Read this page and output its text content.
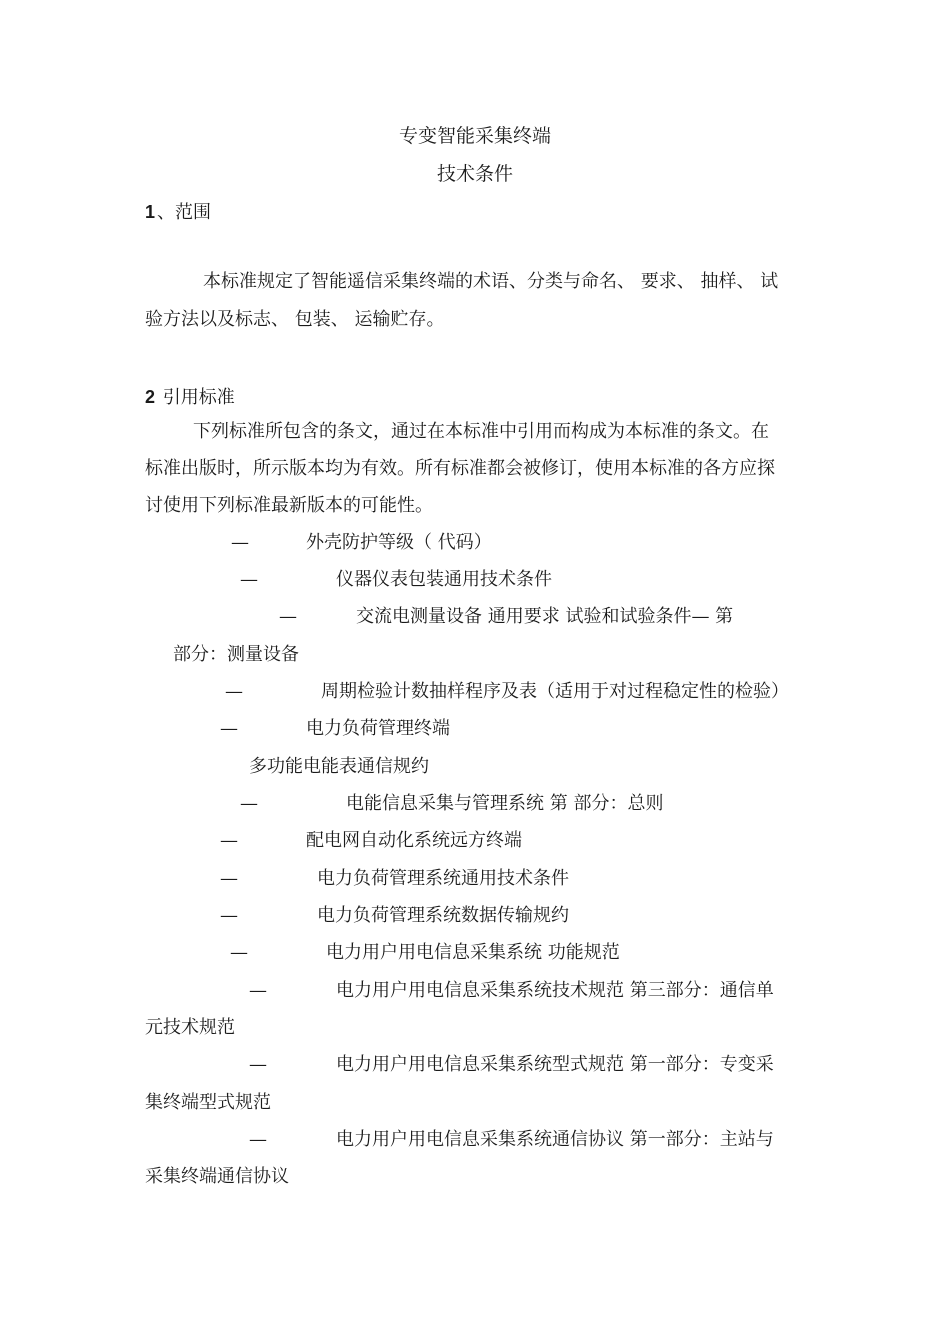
专变智能采集终端
技术条件
1 、范围
本标准规定了智能遥信采集终端的术语、分类与命名、 要求、 抽样、 试
验方法以及标志、 包装、 运输贮存。
2 引用标准
下列标准所包含的条文，通过在本标准中引用而构成为本标准的条文。在
标准出版时，所示版本均为有效。所有标准都会被修订，使用本标准的各方应探
讨使用下列标准最新版本的可能性。
—	外壳防护等级（ 代码）
—	仪器仪表包装通用技术条件
—	交流电测量设备 通用要求 试验和试验条件— 第
部分：测量设备
—	周期检验计数抽样程序及表（适用于对过程稳定性的检验）
—	电力负荷管理终端
多功能电能表通信规约
—	电能信息采集与管理系统 第 部分：总则
—	配电网自动化系统远方终端
—	电力负荷管理系统通用技术条件
—	电力负荷管理系统数据传输规约
—	电力用户用电信息采集系统 功能规范
—	电力用户用电信息采集系统技术规范 第三部分：通信单
元技术规范
—	电力用户用电信息采集系统型式规范 第一部分：专变采
集终端型式规范
—	电力用户用电信息采集系统通信协议 第一部分：主站与
采集终端通信协议
